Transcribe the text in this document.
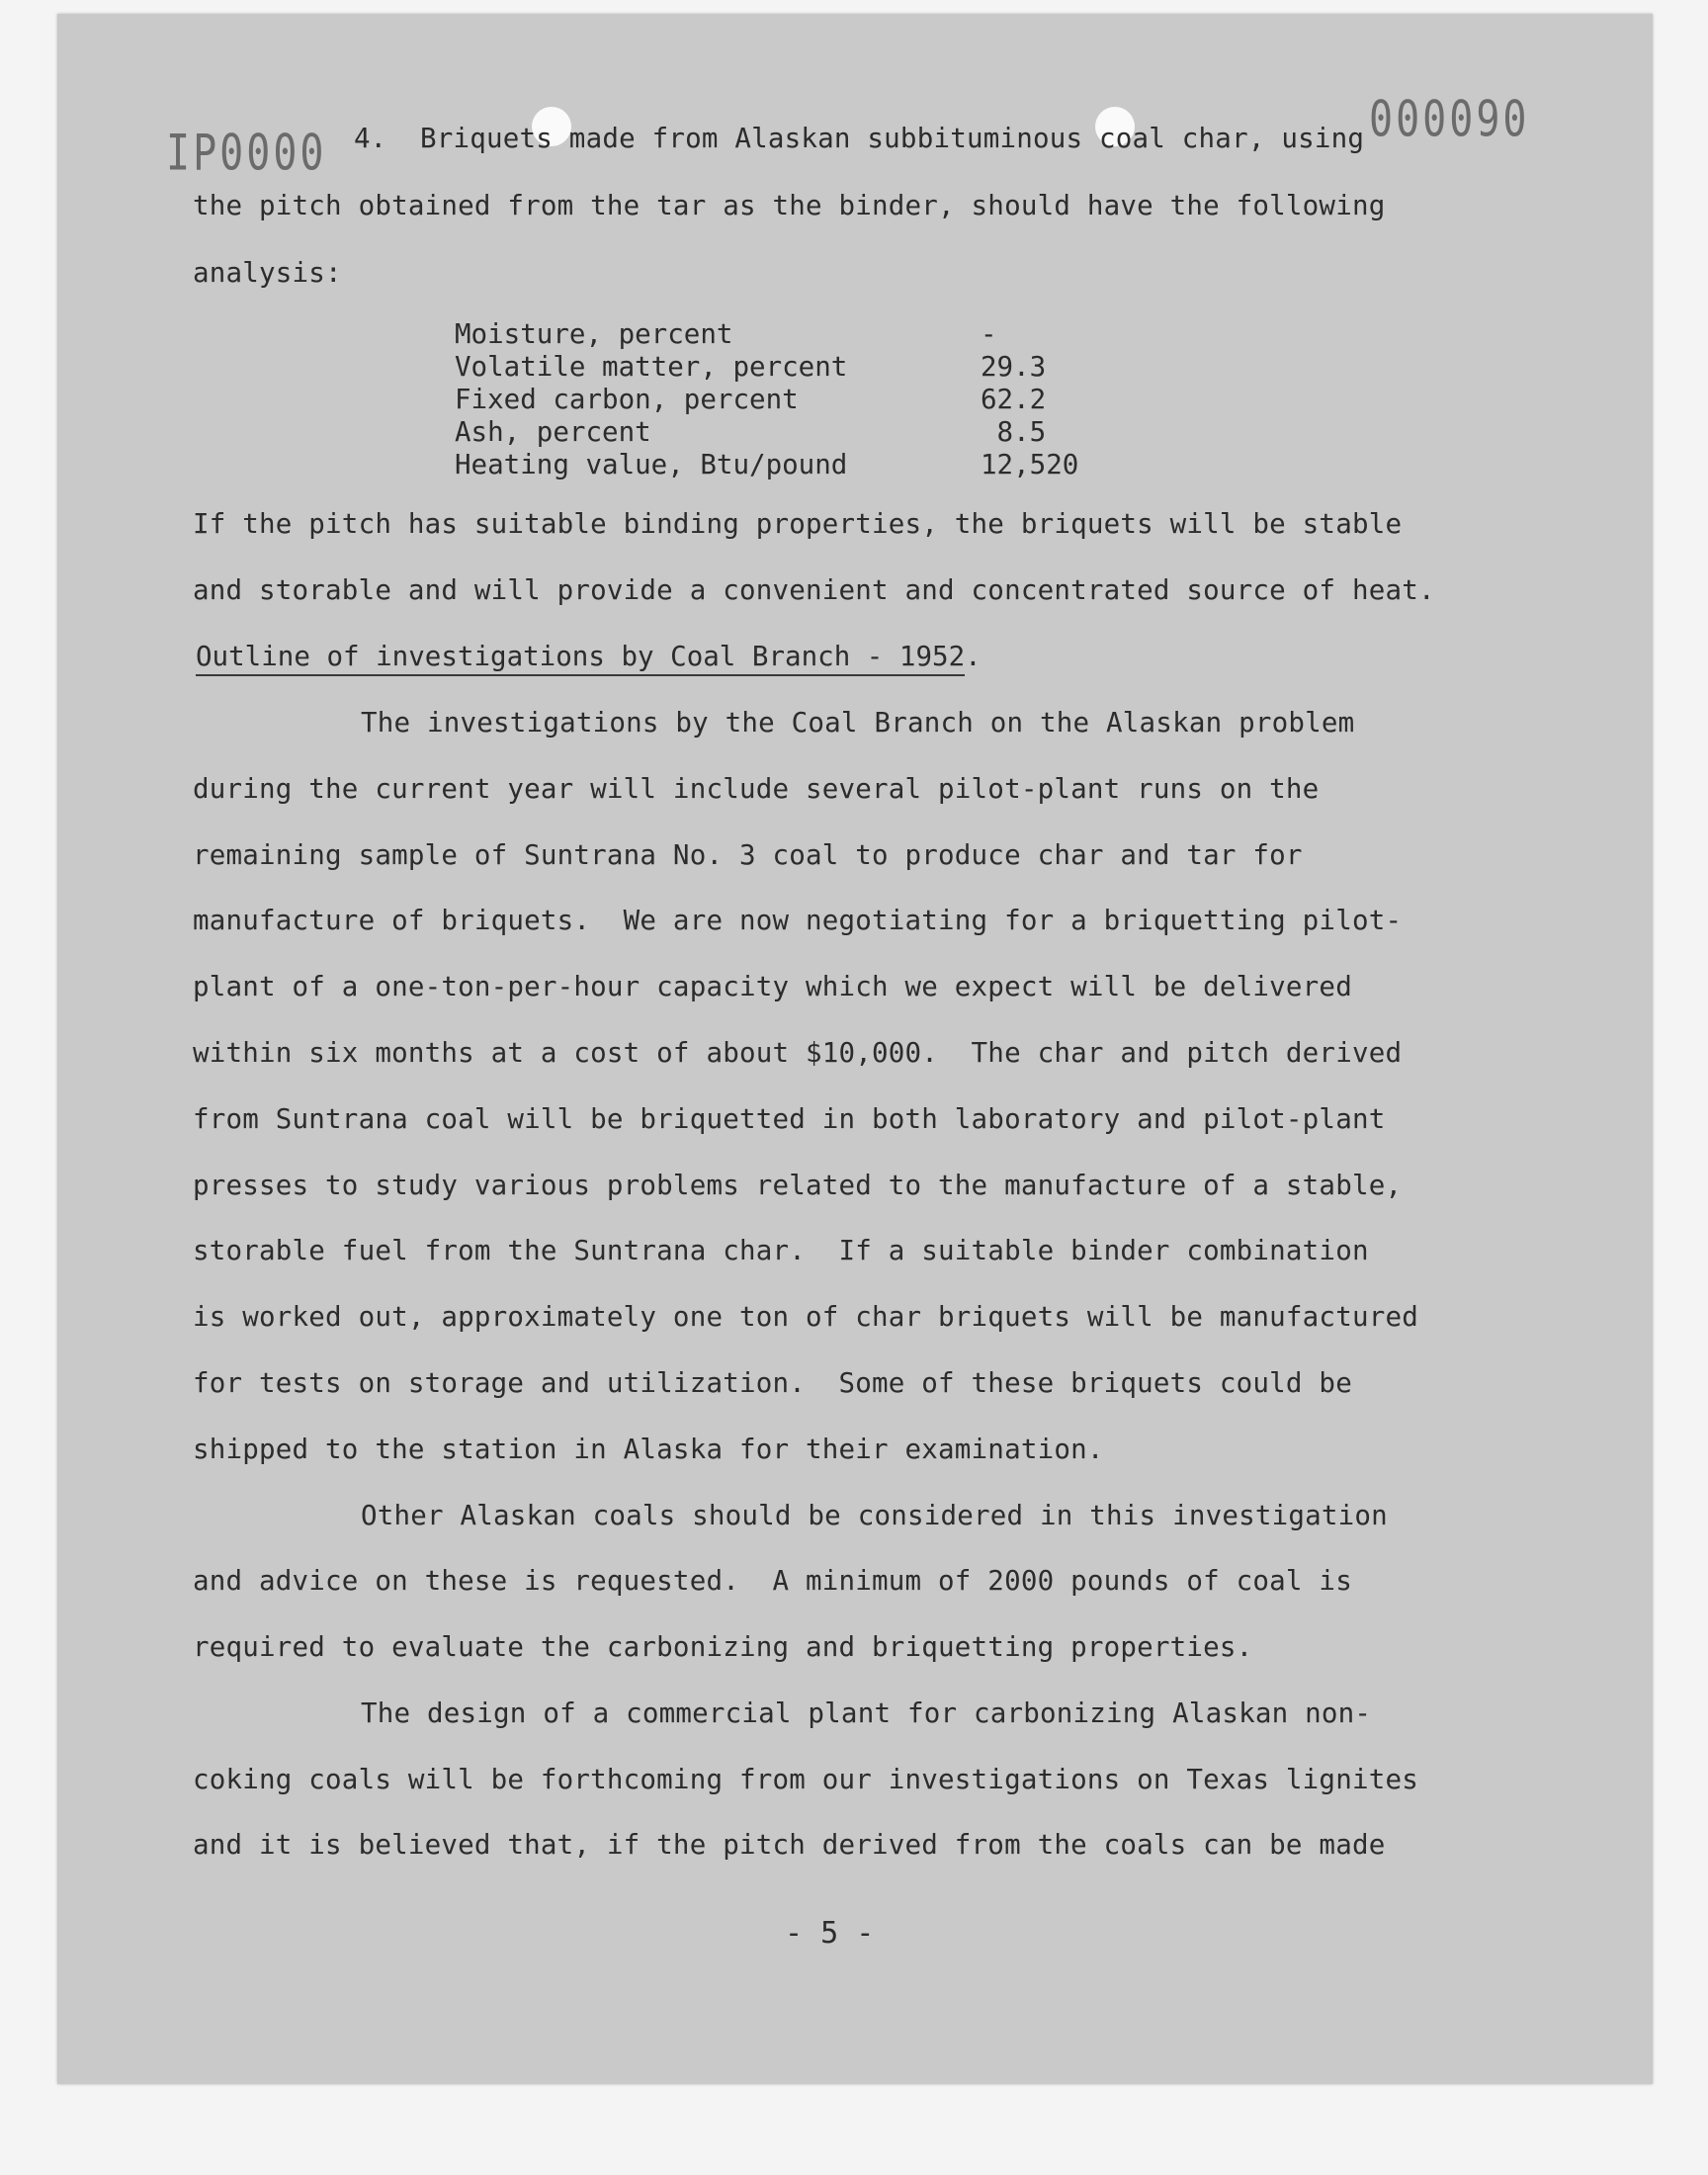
IP0000
000090
4. Briquets made from Alaskan subbituminous coal char, using
the pitch obtained from the tar as the binder, should have the following
analysis:
Moisture, percent	-
Volatile matter, percent	29.3
Fixed carbon, percent	62.2
Ash, percent	8.5
Heating value, Btu/pound	12,520
If the pitch has suitable binding properties, the briquets will be stable
and storable and will provide a convenient and concentrated source of heat.
Outline of investigations by Coal Branch - 1952.
The investigations by the Coal Branch on the Alaskan problem
during the current year will include several pilot-plant runs on the
remaining sample of Suntrana No. 3 coal to produce char and tar for
manufacture of briquets.  We are now negotiating for a briquetting pilot-
plant of a one-ton-per-hour capacity which we expect will be delivered
within six months at a cost of about $10,000.  The char and pitch derived
from Suntrana coal will be briquetted in both laboratory and pilot-plant
presses to study various problems related to the manufacture of a stable,
storable fuel from the Suntrana char.  If a suitable binder combination
is worked out, approximately one ton of char briquets will be manufactured
for tests on storage and utilization.  Some of these briquets could be
shipped to the station in Alaska for their examination.
Other Alaskan coals should be considered in this investigation
and advice on these is requested.  A minimum of 2000 pounds of coal is
required to evaluate the carbonizing and briquetting properties.
The design of a commercial plant for carbonizing Alaskan non-
coking coals will be forthcoming from our investigations on Texas lignites
and it is believed that, if the pitch derived from the coals can be made
- 5 -
